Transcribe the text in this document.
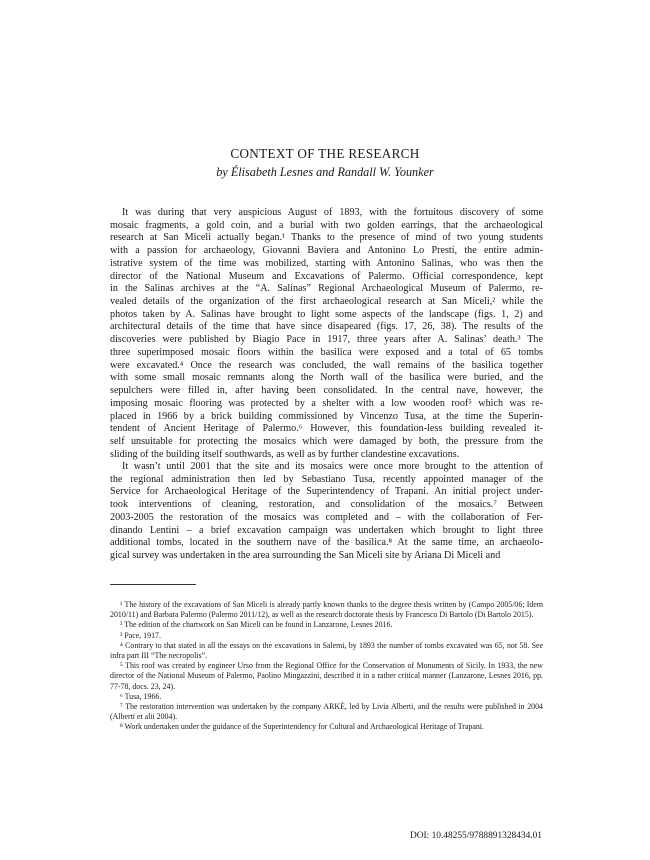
CONTEXT OF THE RESEARCH
by Élisabeth Lesnes and Randall W. Younker
It was during that very auspicious August of 1893, with the fortuitous discovery of some
mosaic fragments, a gold coin, and a burial with two golden earrings, that the archaeological
research at San Miceli actually began.¹ Thanks to the presence of mind of two young students
with a passion for archaeology, Giovanni Baviera and Antonino Lo Presti, the entire admin-
istrative system of the time was mobilized, starting with Antonino Salinas, who was then the
director of the National Museum and Excavations of Palermo. Official correspondence, kept
in the Salinas archives at the “A. Salinas” Regional Archaeological Museum of Palermo, re-
vealed details of the organization of the first archaeological research at San Miceli,² while the
photos taken by A. Salinas have brought to light some aspects of the landscape (figs. 1, 2) and
architectural details of the time that have since disapeared (figs. 17, 26, 38). The results of the
discoveries were published by Biagio Pace in 1917, three years after A. Salinas’ death.³ The
three superimposed mosaic floors within the basilica were exposed and a total of 65 tombs
were excavated.⁴ Once the research was concluded, the wall remains of the basilica together
with some small mosaic remnants along the North wall of the basilica were buried, and the
sepulchers were filled in, after having been consolidated. In the central nave, however, the
imposing mosaic flooring was protected by a shelter with a low wooden roof⁵ which was re-
placed in 1966 by a brick building commissioned by Vincenzo Tusa, at the time the Superin-
tendent of Ancient Heritage of Palermo.⁶ However, this foundation-less building revealed it-
self unsuitable for protecting the mosaics which were damaged by both, the pressure from the
sliding of the building itself southwards, as well as by further clandestine excavations.
It wasn’t until 2001 that the site and its mosaics were once more brought to the attention of
the regional administration then led by Sebastiano Tusa, recently appointed manager of the
Service for Archaeological Heritage of the Superintendency of Trapani. An initial project under-
took interventions of cleaning, restoration, and consolidation of the mosaics.⁷ Between
2003-2005 the restoration of the mosaics was completed and – with the collaboration of Fer-
dinando Lentini – a brief excavation campaign was undertaken which brought to light three
additional tombs, located in the southern nave of the basilica.⁸ At the same time, an archaeolo-
gical survey was undertaken in the area surrounding the San Miceli site by Ariana Di Miceli and

¹ The history of the excavations of San Miceli is already partly known thanks to the degree thesis written by (Campo 2005/06; Idem 2010/11) and Barbara Palermo (Palermo 2011/12), as well as the research doctorate thesis by Francesco Di Bartolo (Di Bartolo 2015).

² The edition of the chartwork on San Miceli can be found in Lanzarone, Lesnes 2016.

³ Pace, 1917.

⁴ Contrary to that stated in all the essays on the excavations in Salemi, by 1893 the number of tombs excavated was 65, not 58. See infra part III “The necropolis”.

⁵ This roof was created by engineer Urso from the Regional Office for the Conservation of Monuments of Sicily. In 1933, the new director of the National Museum of Palermo, Paolino Mingazzini, described it in a rather critical manner (Lanzarone, Lesnes 2016, pp. 77-78, docs. 23, 24).

⁶ Tusa, 1966.

⁷ The restoration intervention was undertaken by the company ARKÉ, led by Livia Alberti, and the results were published in 2004 (Alberti et alii 2004).

⁸ Work undertaken under the guidance of the Superintendency for Cultural and Archaeological Heritage of Trapani.

DOI: 10.48255/9788891328434.01
